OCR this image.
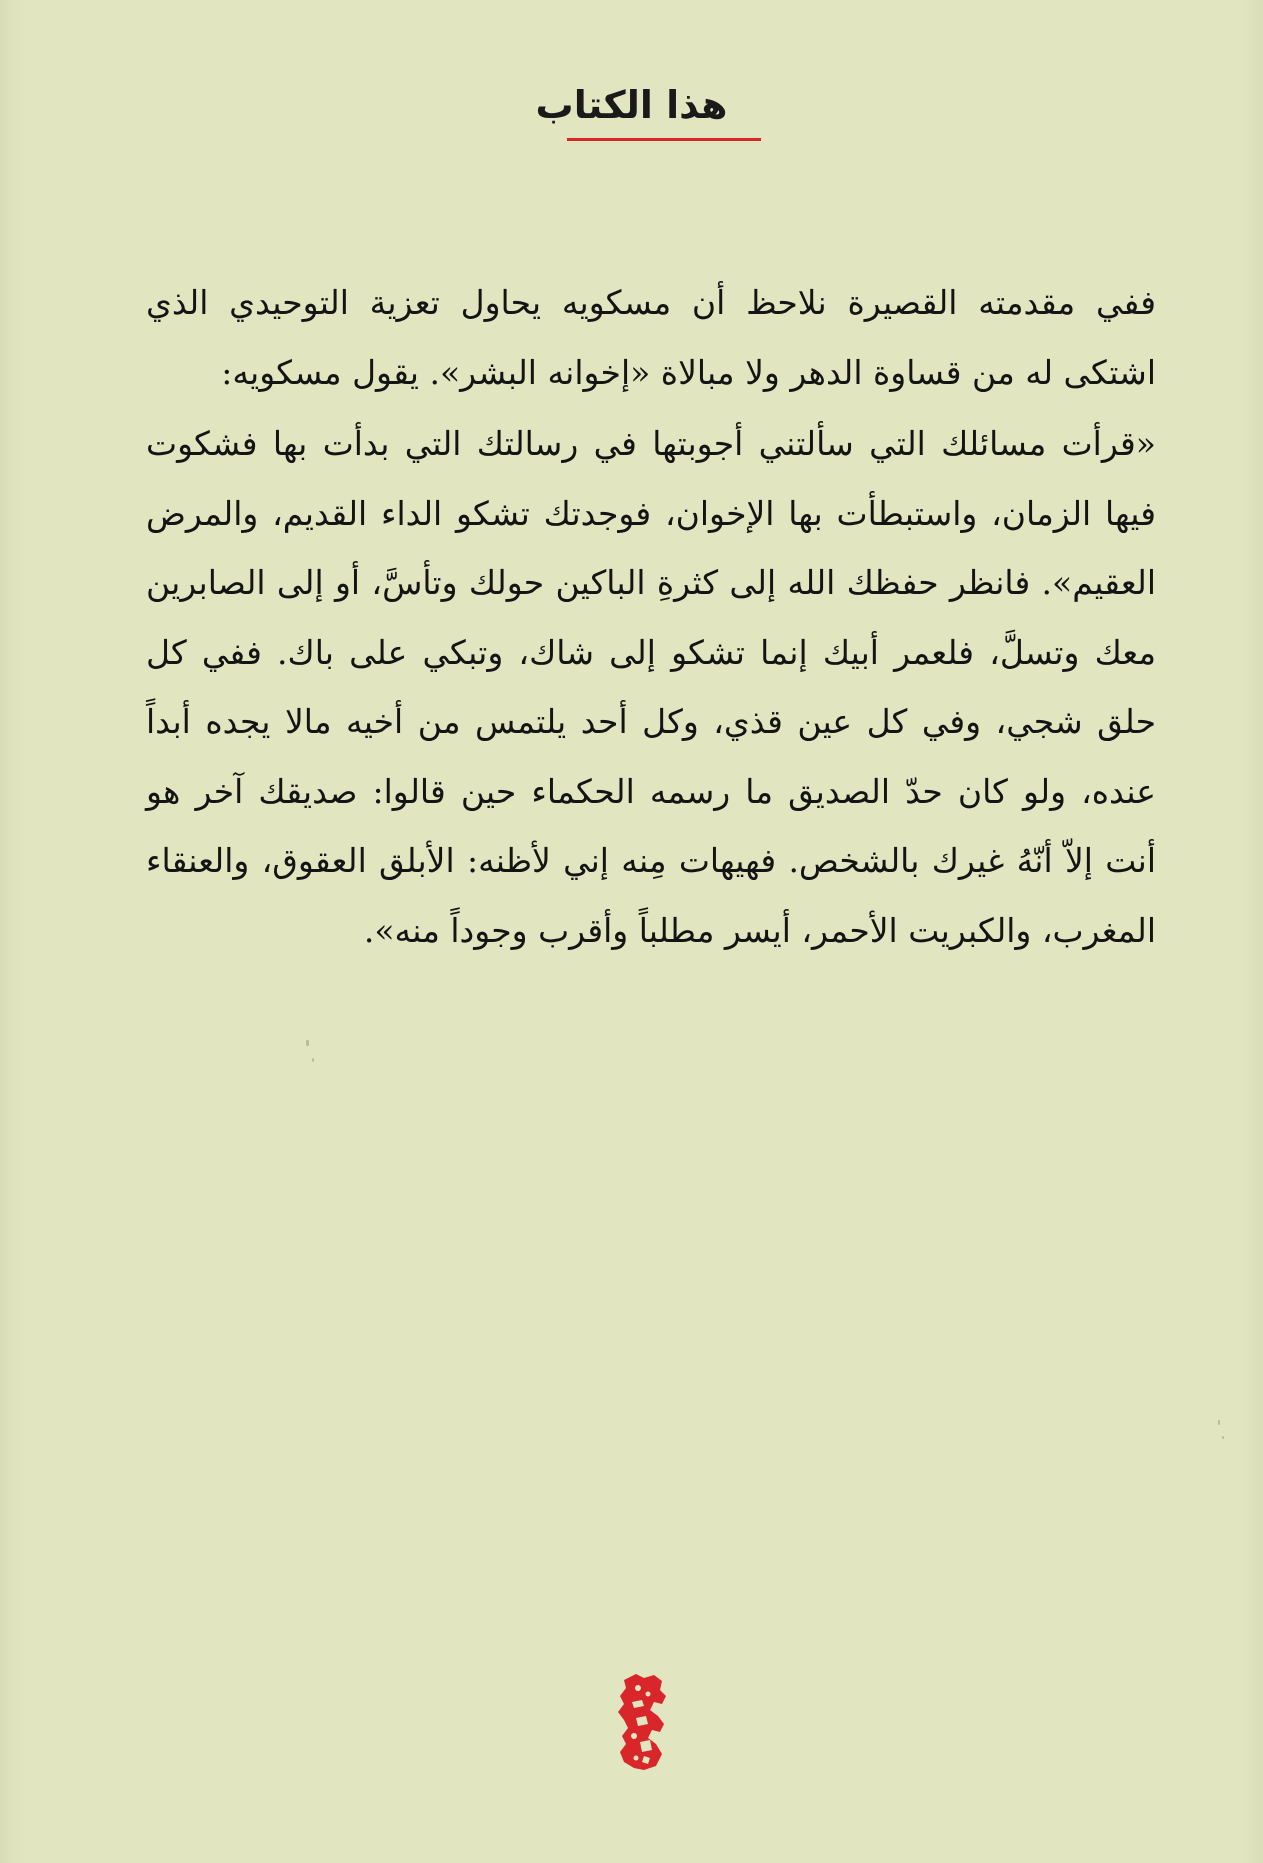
هذا الكتاب

ففي مقدمته القصيرة نلاحظ أن مسكويه يحاول تعزية التوحيدي الذي اشتكى له من قساوة الدهر ولا مبالاة «إخوانه البشر». يقول مسكويه:

«قرأت مسائلك التي سألتني أجوبتها في رسالتك التي بدأت بها فشكوت فيها الزمان، واستبطأت بها الإخوان، فوجدتك تشكو الداء القديم، والمرض العقيم». فانظر حفظك الله إلى كثرةِ الباكين حولك وتأسَّ، أو إلى الصابرين معك وتسلَّ، فلعمر أبيك إنما تشكو إلى شاك، وتبكي على باك. ففي كل حلق شجي، وفي كل عين قذي، وكل أحد يلتمس من أخيه مالا يجده أبداً عنده، ولو كان حدّ الصديق ما رسمه الحكماء حين قالوا: صديقك آخر هو أنت إلاّ أنّهُ غيرك بالشخص. فهيهات مِنه إني لأظنه: الأبلق العقوق، والعنقاء المغرب، والكبريت الأحمر، أيسر مطلباً وأقرب وجوداً منه».
